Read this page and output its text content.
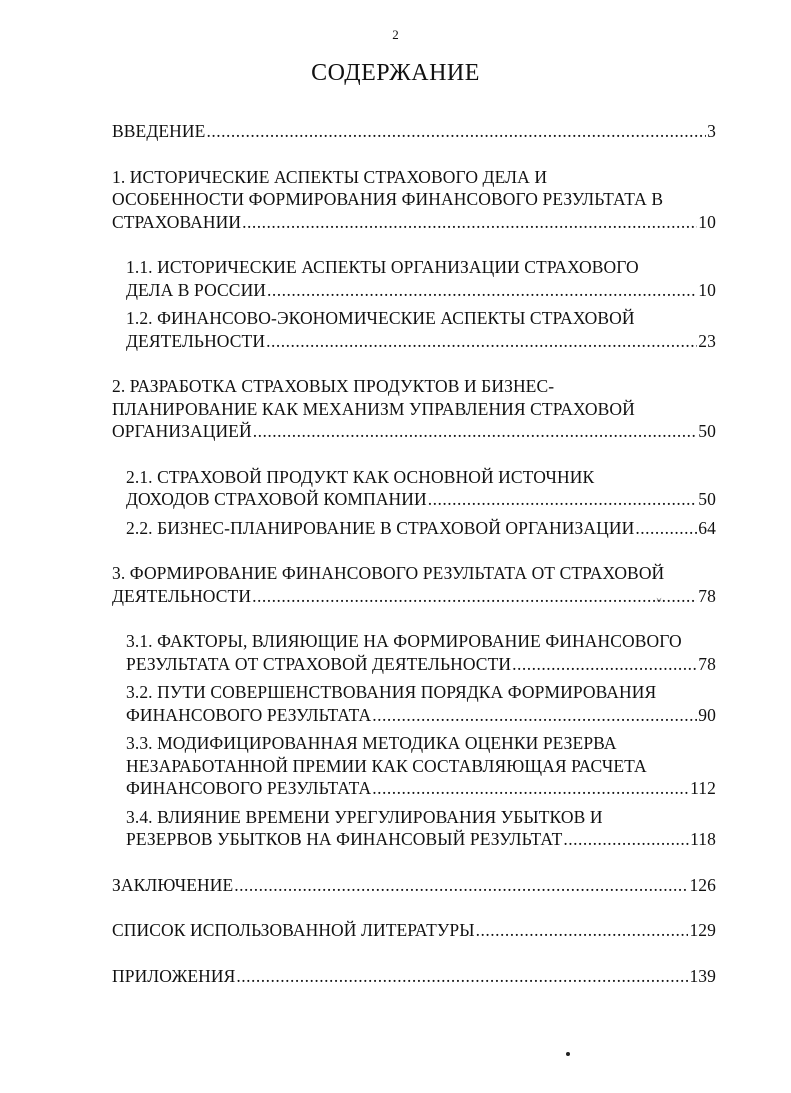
2
СОДЕРЖАНИЕ
ВВЕДЕНИЕ .....	3
1. ИСТОРИЧЕСКИЕ АСПЕКТЫ СТРАХОВОГО ДЕЛА И
ОСОБЕННОСТИ ФОРМИРОВАНИЯ ФИНАНСОВОГО РЕЗУЛЬТАТА В
СТРАХОВАНИИ .....	10
1.1. ИСТОРИЧЕСКИЕ АСПЕКТЫ ОРГАНИЗАЦИИ СТРАХОВОГО
ДЕЛА В РОССИИ .....	10
1.2. ФИНАНСОВО-ЭКОНОМИЧЕСКИЕ АСПЕКТЫ СТРАХОВОЙ
ДЕЯТЕЛЬНОСТИ .....	23
2. РАЗРАБОТКА СТРАХОВЫХ ПРОДУКТОВ И БИЗНЕС-
ПЛАНИРОВАНИЕ КАК МЕХАНИЗМ УПРАВЛЕНИЯ СТРАХОВОЙ
ОРГАНИЗАЦИЕЙ .....	50
2.1. СТРАХОВОЙ ПРОДУКТ КАК ОСНОВНОЙ ИСТОЧНИК
ДОХОДОВ СТРАХОВОЙ КОМПАНИИ .....	50
2.2. БИЗНЕС-ПЛАНИРОВАНИЕ В СТРАХОВОЙ ОРГАНИЗАЦИИ .....	64
3. ФОРМИРОВАНИЕ ФИНАНСОВОГО РЕЗУЛЬТАТА ОТ СТРАХОВОЙ
ДЕЯТЕЛЬНОСТИ .....	78
3.1. ФАКТОРЫ, ВЛИЯЮЩИЕ НА ФОРМИРОВАНИЕ ФИНАНСОВОГО
РЕЗУЛЬТАТА ОТ СТРАХОВОЙ ДЕЯТЕЛЬНОСТИ .....	78
3.2. ПУТИ СОВЕРШЕНСТВОВАНИЯ ПОРЯДКА ФОРМИРОВАНИЯ
ФИНАНСОВОГО РЕЗУЛЬТАТА .....	90
3.3. МОДИФИЦИРОВАННАЯ МЕТОДИКА ОЦЕНКИ РЕЗЕРВА
НЕЗАРАБОТАННОЙ ПРЕМИИ КАК СОСТАВЛЯЮЩАЯ РАСЧЕТА
ФИНАНСОВОГО РЕЗУЛЬТАТА .....	112
3.4. ВЛИЯНИЕ ВРЕМЕНИ УРЕГУЛИРОВАНИЯ УБЫТКОВ И
РЕЗЕРВОВ УБЫТКОВ НА ФИНАНСОВЫЙ РЕЗУЛЬТАТ .....	118
ЗАКЛЮЧЕНИЕ .....	126
СПИСОК ИСПОЛЬЗОВАННОЙ ЛИТЕРАТУРЫ .....	129
ПРИЛОЖЕНИЯ .....	139
›‹
